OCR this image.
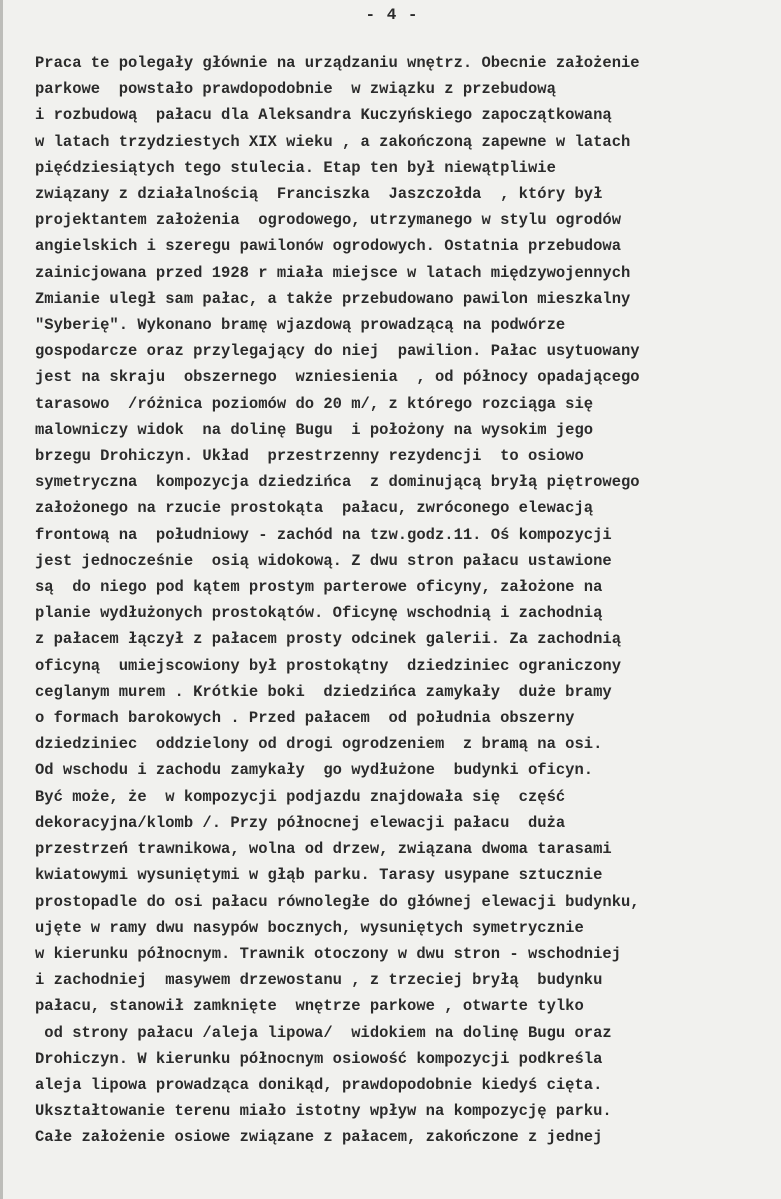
- 4 -
Praca te polegały głównie na urządzaniu wnętrz. Obecnie założenie
parkowe  powstało prawdopodobnie  w związku z przebudową
i rozbudową  pałacu dla Aleksandra Kuczyńskiego zapoczątkowaną
w latach trzydziestych XIX wieku , a zakończoną zapewne w latach
pięćdziesiątych tego stulecia. Etap ten był niewątpliwie
związany z działalnością  Franciszka  Jaszczołda  , który był
projektantem założenia  ogrodowego, utrzymanego w stylu ogrodów
angielskich i szeregu pawilonów ogrodowych. Ostatnia przebudowa
zainicjowana przed 1928 r miała miejsce w latach międzywojennych
Zmianie uległ sam pałac, a także przebudowano pawilon mieszkalny
"Syberię". Wykonano bramę wjazdową prowadzącą na podwórze
gospodarcze oraz przylegający do niej  pawilion. Pałac usytuowany
jest na skraju  obszernego  wzniesienia  , od północy opadającego
tarasowo  /różnica poziomów do 20 m/, z którego rozciąga się
malowniczy widok  na dolinę Bugu  i położony na wysokim jego
brzegu Drohiczyn. Układ  przestrzenny rezydencji  to osiowo
symetryczna  kompozycja dziedzińca  z dominującą bryłą piętrowego
założonego na rzucie prostokąta  pałacu, zwróconego elewacją
frontową na  południowy - zachód na tzw.godz.11. Oś kompozycji
jest jednocześnie  osią widokową. Z dwu stron pałacu ustawione
są  do niego pod kątem prostym parterowe oficyny, założone na
planie wydłużonych prostokątów. Oficynę wschodnią i zachodnią
z pałacem łączył z pałacem prosty odcinek galerii. Za zachodnią
oficyną  umiejscowiony był prostokątny  dziedziniec ograniczony
ceglanym murem . Krótkie boki  dziedzińca zamykały  duże bramy
o formach barokowych . Przed pałacem  od południa obszerny
dziedziniec  oddzielony od drogi ogrodzeniem  z bramą na osi.
Od wschodu i zachodu zamykały  go wydłużone  budynki oficyn.
Być może, że  w kompozycji podjazdu znajdowała się  część
dekoracyjna/klomb /. Przy północnej elewacji pałacu  duża
przestrzeń trawnikowa, wolna od drzew, związana dwoma tarasami
kwiatowymi wysuniętymi w głąb parku. Tarasy usypane sztucznie
prostopadle do osi pałacu równoległe do głównej elewacji budynku,
ujęte w ramy dwu nasypów bocznych, wysuniętych symetrycznie
w kierunku północnym. Trawnik otoczony w dwu stron - wschodniej
i zachodniej  masywem drzewostanu , z trzeciej bryłą  budynku
pałacu, stanowił zamknięte  wnętrze parkowe , otwarte tylko
od strony pałacu /aleja lipowa/  widokiem na dolinę Bugu oraz
Drohiczyn. W kierunku północnym osiowość kompozycji podkreśla
aleja lipowa prowadząca donikąd, prawdopodobnie kiedyś cięta.
Ukształtowanie terenu miało istotny wpływ na kompozycję parku.
Całe założenie osiowe związane z pałacem, zakończone z jednej
